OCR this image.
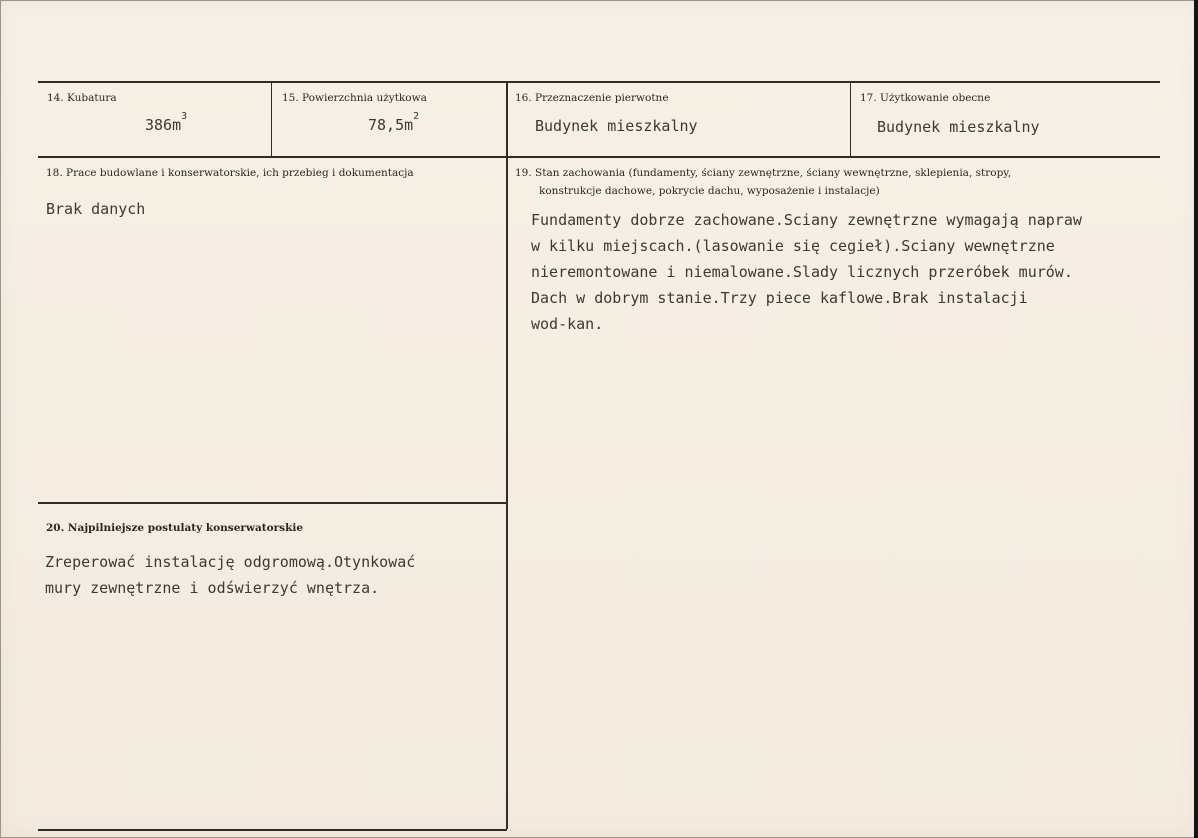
14. Kubatura
$386m^3$
15. Powierzchnia użytkowa
$78,5m^2$
16. Przeznaczenie pierwotne
Budynek mieszkalny
17. Użytkowanie obecne
Budynek mieszkalny
18. Prace budowlane i konserwatorskie, ich przebieg i dokumentacja
Brak danych
19. Stan zachowania (fundamenty, ściany zewnętrzne, ściany wewnętrzne, sklepienia, stropy,
konstrukcje dachowe, pokrycie dachu, wyposażenie i instalacje)
Fundamenty dobrze zachowane.Sciany zewnętrzne wymagają napraw
w kilku miejscach.(lasowanie się cegieł).Sciany wewnętrzne
nieremontowane i niemalowane.Slady licznych przeróbek murów.
Dach w dobrym stanie.Trzy piece kaflowe.Brak instalacji
wod-kan.
20. Najpilniejsze postulaty konserwatorskie
Zreperować instalację odgromową.Otynkować
mury zewnętrzne i odświerzyć wnętrza.
